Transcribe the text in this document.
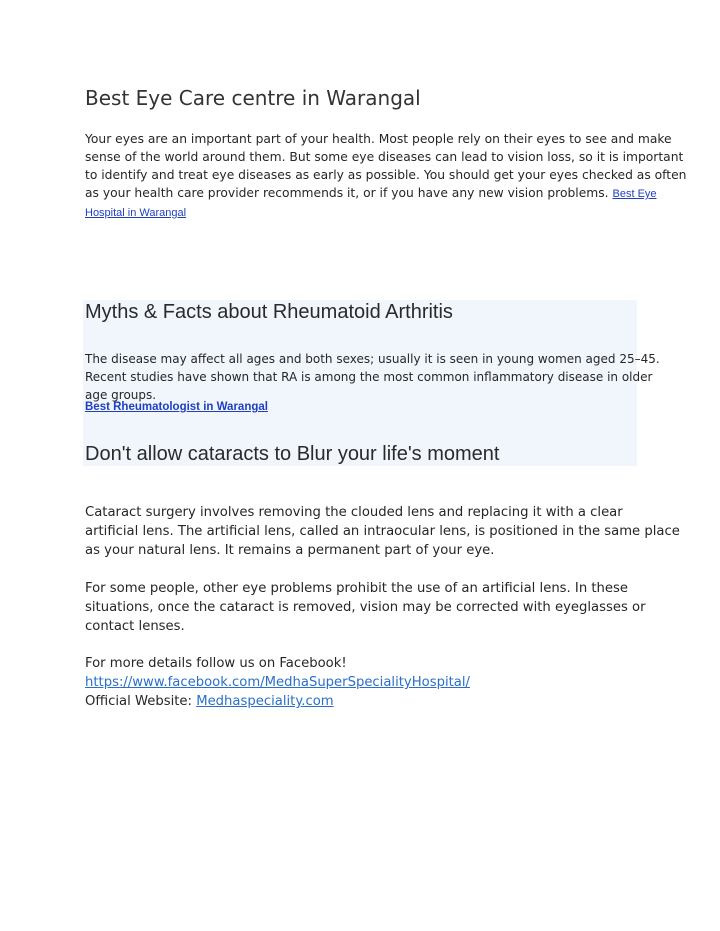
Best Eye Care centre in Warangal
Your eyes are an important part of your health. Most people rely on their eyes to see and make
sense of the world around them. But some eye diseases can lead to vision loss, so it is important
to identify and treat eye diseases as early as possible. You should get your eyes checked as often
as your health care provider recommends it, or if you have any new vision problems. Best Eye
Hospital in Warangal
Myths & Facts about Rheumatoid Arthritis
The disease may affect all ages and both sexes; usually it is seen in young women aged 25–45.
Recent studies have shown that RA is among the most common inflammatory disease in older
age groups.
Best Rheumatologist in Warangal
Don't allow cataracts to Blur your life's moment
Cataract surgery involves removing the clouded lens and replacing it with a clear
artificial lens. The artificial lens, called an intraocular lens, is positioned in the same place
as your natural lens. It remains a permanent part of your eye.
For some people, other eye problems prohibit the use of an artificial lens. In these
situations, once the cataract is removed, vision may be corrected with eyeglasses or
contact lenses.
For more details follow us on Facebook!
https://www.facebook.com/MedhaSuperSpecialityHospital/
Official Website: Medhaspeciality.com
